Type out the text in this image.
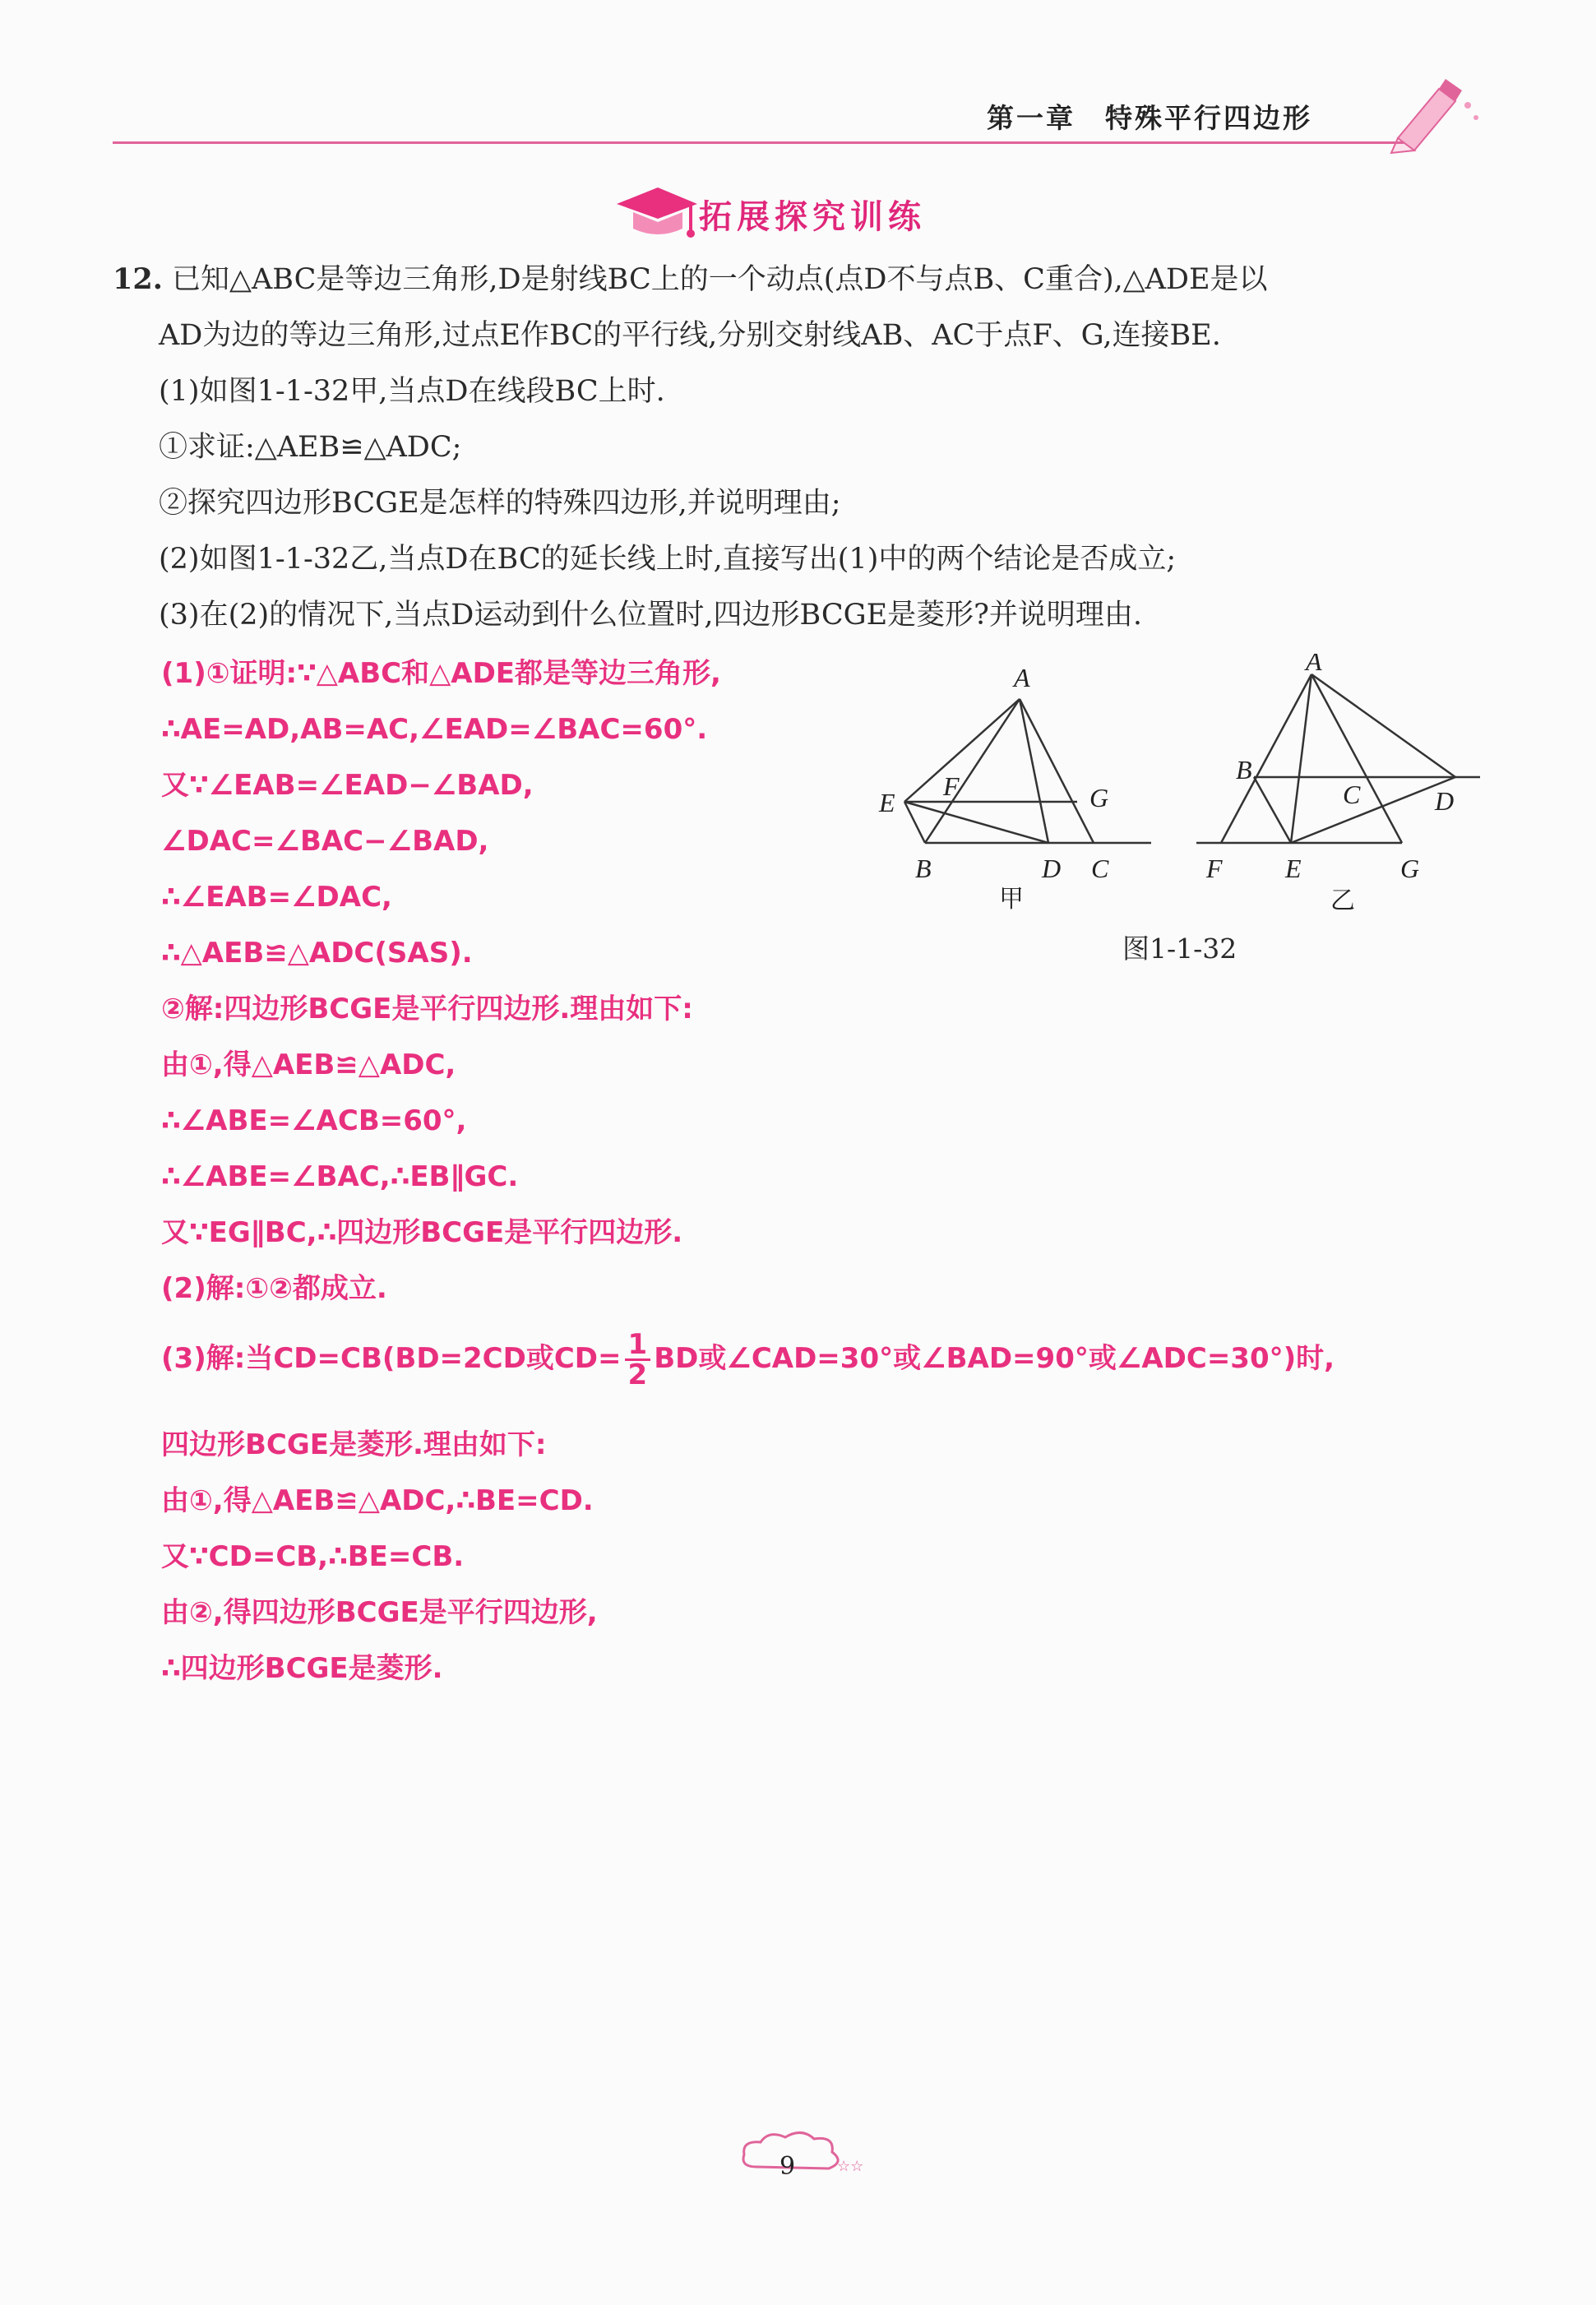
第一章　特殊平行四边形
拓展探究训练
12. 已知△ABC是等边三角形,D是射线BC上的一个动点(点D不与点B、C重合),△ADE是以
AD为边的等边三角形,过点E作BC的平行线,分别交射线AB、AC于点F、G,连接BE.
(1)如图1-1-32甲,当点D在线段BC上时.
①求证:△AEB≌△ADC;
②探究四边形BCGE是怎样的特殊四边形,并说明理由;
(2)如图1-1-32乙,当点D在BC的延长线上时,直接写出(1)中的两个结论是否成立;
(3)在(2)的情况下,当点D运动到什么位置时,四边形BCGE是菱形?并说明理由.
(1)①证明:∵△ABC和△ADE都是等边三角形,
∴AE=AD,AB=AC,∠EAD=∠BAC=60°.
又∵∠EAB=∠EAD−∠BAD,
∠DAC=∠BAC−∠BAD,
∴∠EAB=∠DAC,
∴△AEB≌△ADC(SAS).
②解:四边形BCGE是平行四边形.理由如下:
由①,得△AEB≌△ADC,
∴∠ABE=∠ACB=60°,
∴∠ABE=∠BAC,∴EB∥GC.
又∵EG∥BC,∴四边形BCGE是平行四边形.
(2)解:①②都成立.
(3)解:当CD=CB(BD=2CD或$CD= \frac{1}{2}$ BD或∠CAD=30°或∠BAD=90°或∠ADC=30°)时,
四边形BCGE是菱形.理由如下:
由①,得△AEB≌△ADC,∴BE=CD.
又∵CD=CB,∴BE=CB.
由②,得四边形BCGE是平行四边形,
∴四边形BCGE是菱形.
A
E
F	G
B	D C
甲
A
B
C	D
F E	G
乙
图1-1-32
☆☆
9
